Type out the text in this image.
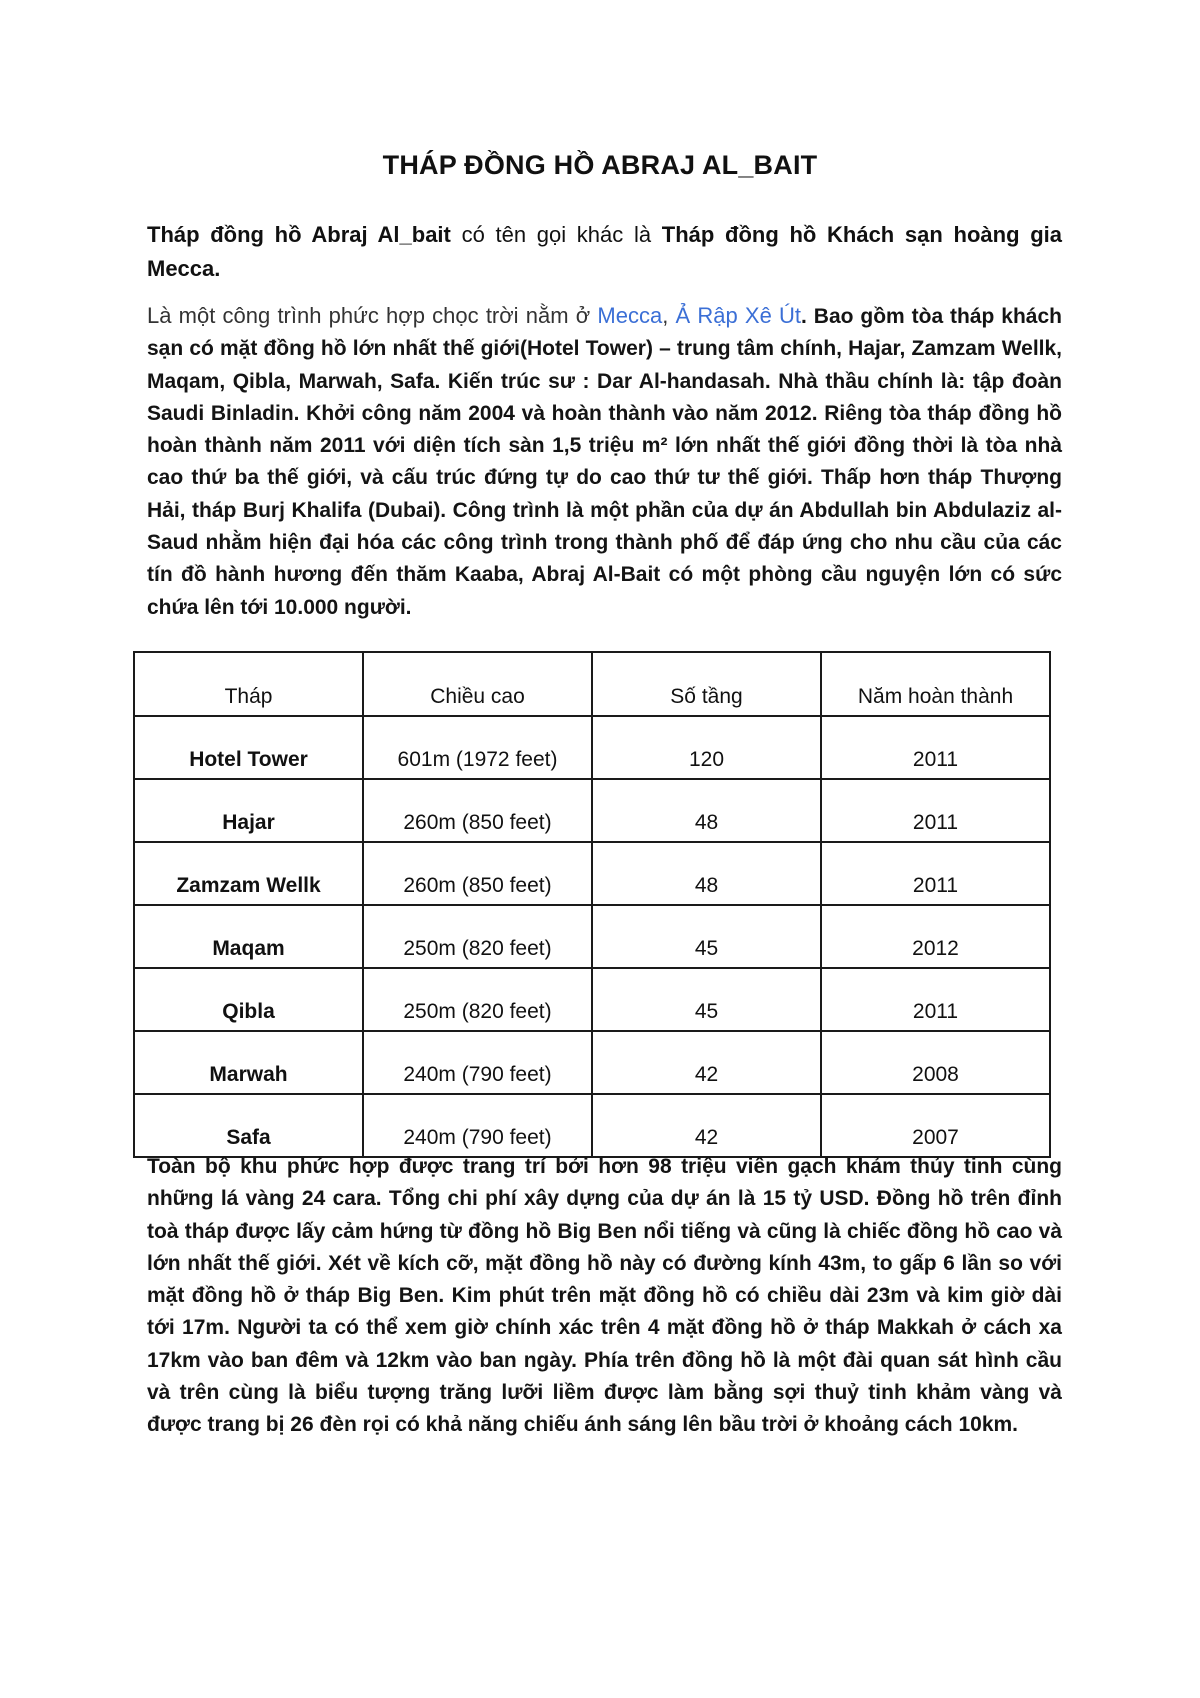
THÁP ĐỒNG HỒ ABRAJ AL_BAIT
Tháp đồng hồ Abraj Al_bait có tên gọi khác là Tháp đồng hồ Khách sạn hoàng gia Mecca.
Là một công trình phức hợp chọc trời nằm ở Mecca, Ả Rập Xê Út. Bao gồm tòa tháp khách sạn có mặt đồng hồ lớn nhất thế giới(Hotel Tower) – trung tâm chính, Hajar, Zamzam Wellk, Maqam, Qibla, Marwah, Safa. Kiến trúc sư : Dar Al-handasah. Nhà thầu chính là: tập đoàn Saudi Binladin. Khởi công năm 2004 và hoàn thành vào năm 2012. Riêng tòa tháp đồng hồ hoàn thành năm 2011 với diện tích sàn 1,5 triệu m² lớn nhất thế giới đồng thời là tòa nhà cao thứ ba thế giới, và cấu trúc đứng tự do cao thứ tư thế giới. Thấp hơn tháp Thượng Hải, tháp Burj Khalifa (Dubai). Công trình là một phần của dự án Abdullah bin Abdulaziz al-Saud nhằm hiện đại hóa các công trình trong thành phố để đáp ứng cho nhu cầu của các tín đồ hành hương đến thăm Kaaba, Abraj Al-Bait có một phòng cầu nguyện lớn có sức chứa lên tới 10.000 người.
Tháp	Chiều cao	Số tầng	Năm hoàn thành
Hotel Tower	601m (1972 feet)	120	2011
Hajar	260m (850 feet)	48	2011
Zamzam Wellk	260m (850 feet)	48	2011
Maqam	250m (820 feet)	45	2012
Qibla	250m (820 feet)	45	2011
Marwah	240m (790 feet)	42	2008
Safa	240m (790 feet)	42	2007
Toàn bộ khu phức hợp được trang trí bởi hơn 98 triệu viên gạch khảm thủy tinh cùng những lá vàng 24 cara. Tổng chi phí xây dựng của dự án là 15 tỷ USD. Đồng hồ trên đỉnh toà tháp được lấy cảm hứng từ đồng hồ Big Ben nổi tiếng và cũng là chiếc đồng hồ cao và lớn nhất thế giới. Xét về kích cỡ, mặt đồng hồ này có đường kính 43m, to gấp 6 lần so với mặt đồng hồ ở tháp Big Ben. Kim phút trên mặt đồng hồ có chiều dài 23m và kim giờ dài tới 17m. Người ta có thể xem giờ chính xác trên 4 mặt đồng hồ ở tháp Makkah ở cách xa 17km vào ban đêm và 12km vào ban ngày. Phía trên đồng hồ là một đài quan sát hình cầu và trên cùng là biểu tượng trăng lưỡi liềm được làm bằng sợi thuỷ tinh khảm vàng và được trang bị 26 đèn rọi có khả năng chiếu ánh sáng lên bầu trời ở khoảng cách 10km.
